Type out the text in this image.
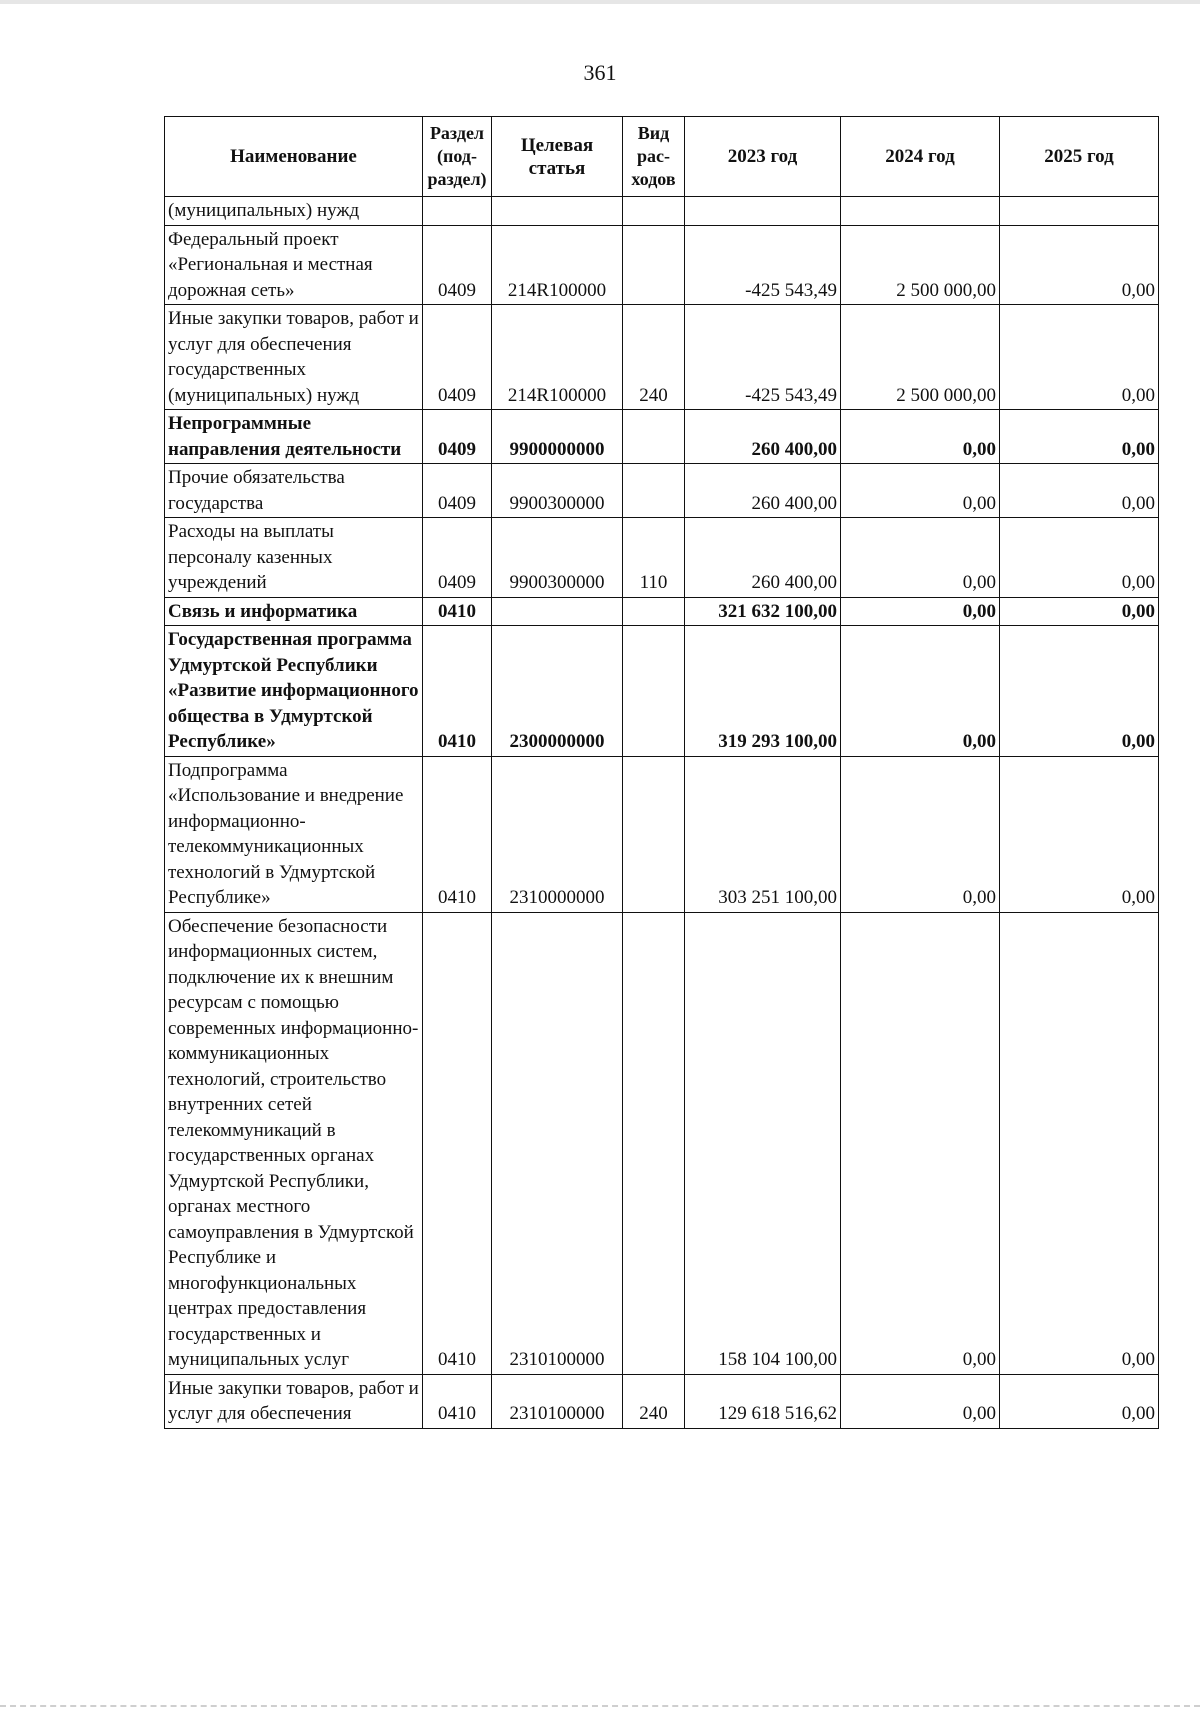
361
Наименование	Раздел (под-раздел)	Целевая статья	Вид рас-ходов	2023 год	2024 год	2025 год
(муниципальных) нужд						
Федеральный проект «Региональная и местная дорожная сеть»	0409	214R100000		-425 543,49	2 500 000,00	0,00
Иные закупки товаров, работ и услуг для обеспечения государственных (муниципальных) нужд	0409	214R100000	240	-425 543,49	2 500 000,00	0,00
Непрограммные направления деятельности	0409	9900000000		260 400,00	0,00	0,00
Прочие обязательства государства	0409	9900300000		260 400,00	0,00	0,00
Расходы на выплаты персоналу казенных учреждений	0409	9900300000	110	260 400,00	0,00	0,00
Связь и информатика	0410			321 632 100,00	0,00	0,00
Государственная программа Удмуртской Республики «Развитие информационного общества в Удмуртской Республике»	0410	2300000000		319 293 100,00	0,00	0,00
Подпрограмма «Использование и внедрение информационно-телекоммуникационных технологий в Удмуртской Республике»	0410	2310000000		303 251 100,00	0,00	0,00
Обеспечение безопасности информационных систем, подключение их к внешним ресурсам с помощью современных информационно-коммуникационных технологий, строительство внутренних сетей телекоммуникаций в государственных органах Удмуртской Республики, органах местного самоуправления в Удмуртской Республике и многофункциональных центрах предоставления государственных и муниципальных услуг	0410	2310100000		158 104 100,00	0,00	0,00
Иные закупки товаров, работ и услуг для обеспечения	0410	2310100000	240	129 618 516,62	0,00	0,00
